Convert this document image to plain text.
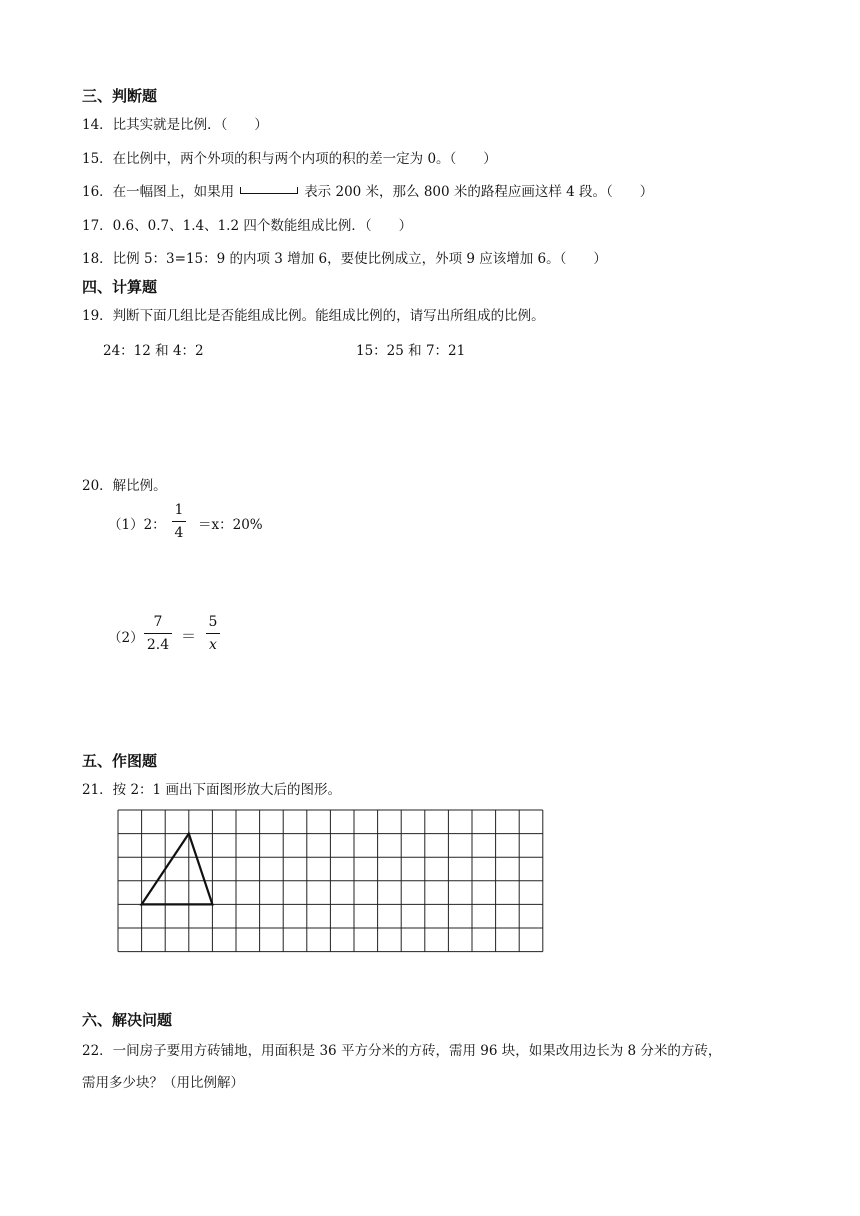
三、判断题
14．比其实就是比例．（　　）
15．在比例中，两个外项的积与两个内项的积的差一定为 0。（　　）
16．在一幅图上，如果用	表示 200 米，那么 800 米的路程应画这样 4 段。（　　）
17．0.6、0.7、1.4、1.2 四个数能组成比例．（　　）
18．比例 5：3=15：9 的内项 3 增加 6，要使比例成立，外项 9 应该增加 6。（　　）
四、计算题
19．判断下面几组比是否能组成比例。能组成比例的，请写出所组成的比例。
24：12 和 4：2	15：25 和 7：21
20．解比例。
（1）2：
1
4 ＝x：20%
（2）
7
2.4 ＝
5
x
五、作图题
21．按 2：1 画出下面图形放大后的图形。
六、解决问题
22．一间房子要用方砖铺地，用面积是 36 平方分米的方砖，需用 96 块，如果改用边长为 8 分米的方砖，
需用多少块？（用比例解）
